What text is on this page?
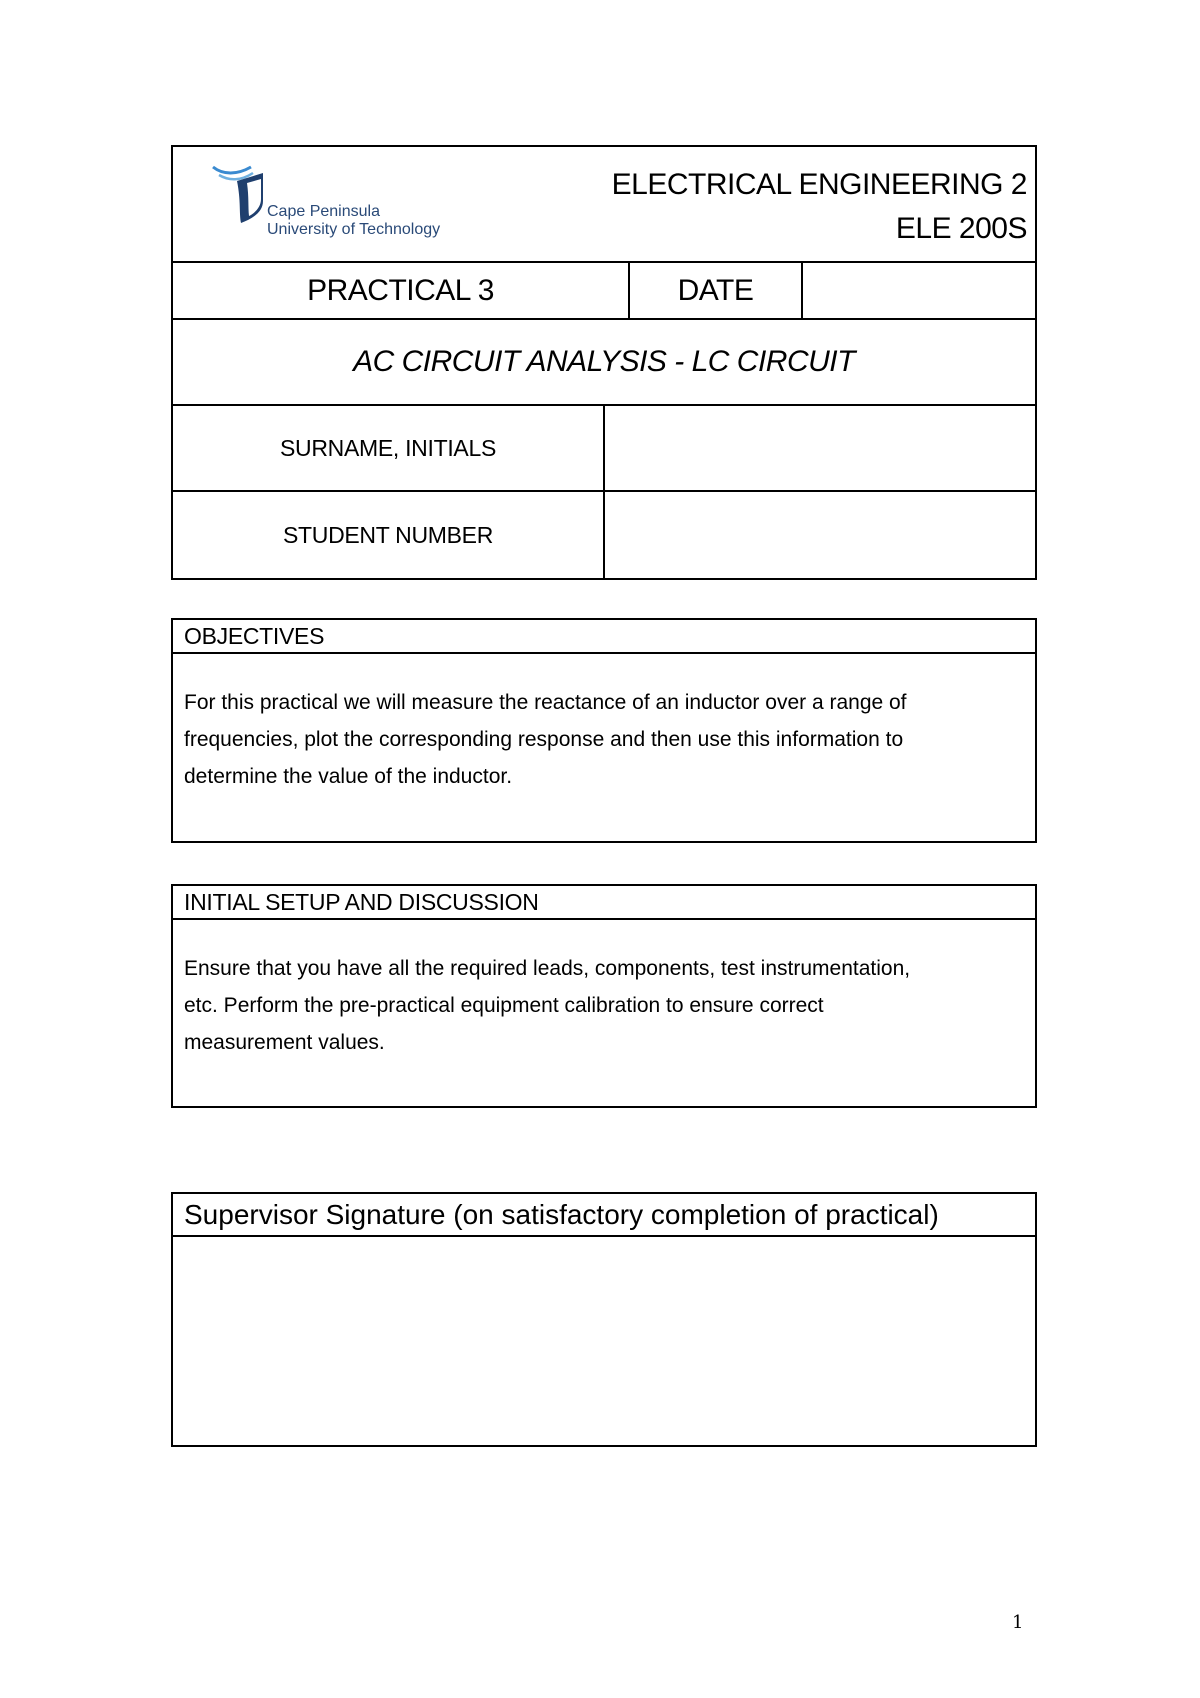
Cape Peninsula
University of Technology
ELECTRICAL ENGINEERING 2
ELE 200S
PRACTICAL 3	DATE
AC CIRCUIT ANALYSIS - LC CIRCUIT
SURNAME, INITIALS
STUDENT NUMBER
OBJECTIVES
For this practical we will measure the reactance of an inductor over a range of
frequencies, plot the corresponding response and then use this information to
determine the value of the inductor.
INITIAL SETUP AND DISCUSSION
Ensure that you have all the required leads, components, test instrumentation,
etc. Perform the pre-practical equipment calibration to ensure correct
measurement values.
Supervisor Signature (on satisfactory completion of practical)
1
